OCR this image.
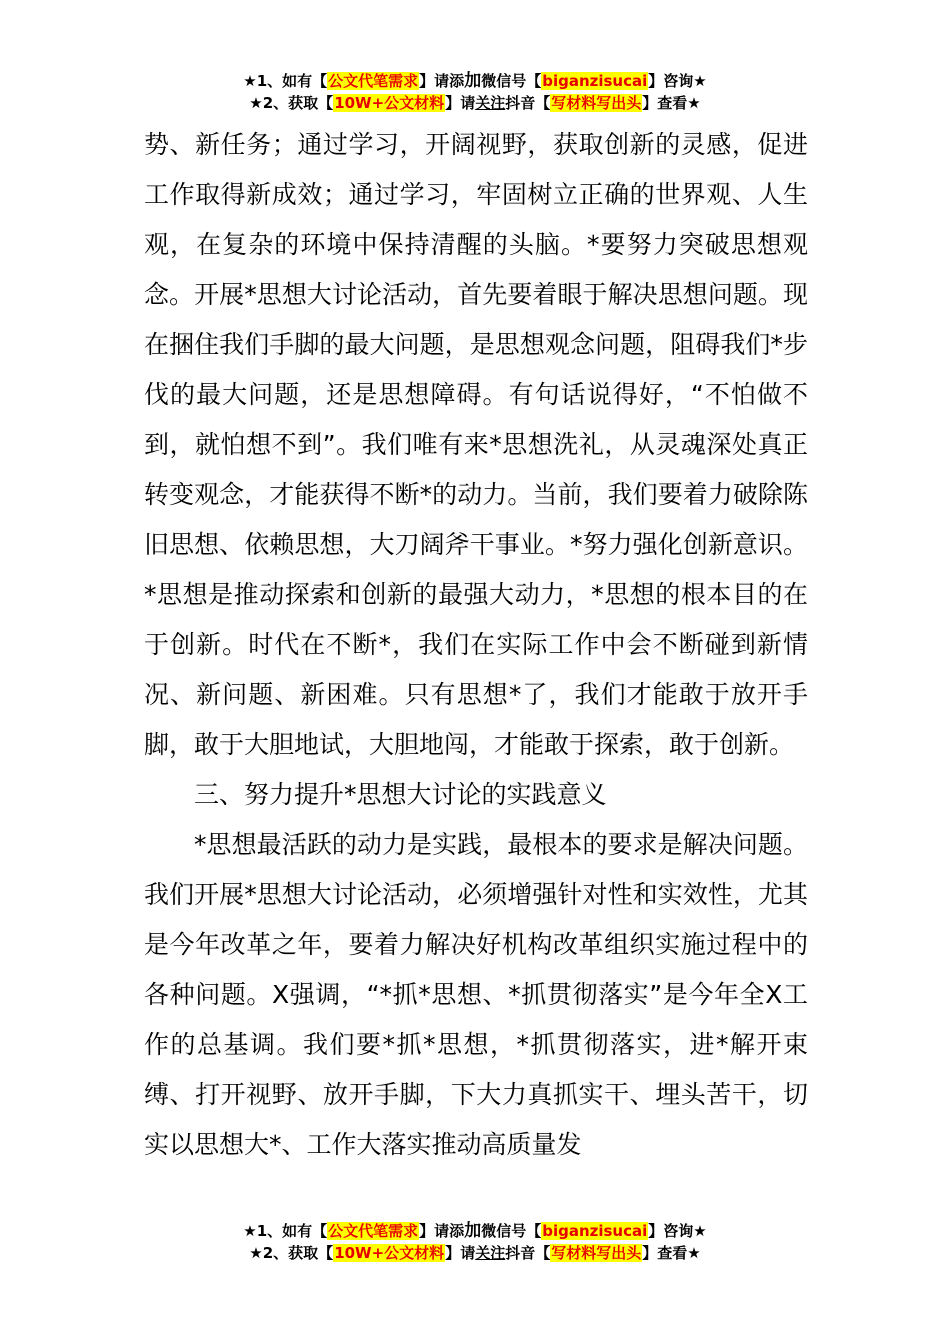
★1、如有【公文代笔需求】请添加微信号【biganzisucai】咨询★
★2、获取【10W+公文材料】请关注抖音【写材料写出头】查看★

势、新任务；通过学习，开阔视野，获取创新的灵感，促进工作取得新成效；通过学习，牢固树立正确的世界观、人生观，在复杂的环境中保持清醒的头脑。*要努力突破思想观念。开展*思想大讨论活动，首先要着眼于解决思想问题。现在捆住我们手脚的最大问题，是思想观念问题，阻碍我们*步伐的最大问题，还是思想障碍。有句话说得好，“不怕做不到，就怕想不到”。我们唯有来*思想洗礼，从灵魂深处真正转变观念，才能获得不断*的动力。当前，我们要着力破除陈旧思想、依赖思想，大刀阔斧干事业。*努力强化创新意识。*思想是推动探索和创新的最强大动力，*思想的根本目的在于创新。时代在不断*，我们在实际工作中会不断碰到新情况、新问题、新困难。只有思想*了，我们才能敢于放开手脚，敢于大胆地试，大胆地闯，才能敢于探索，敢于创新。

三、努力提升*思想大讨论的实践意义

*思想最活跃的动力是实践，最根本的要求是解决问题。我们开展*思想大讨论活动，必须增强针对性和实效性，尤其是今年改革之年，要着力解决好机构改革组织实施过程中的各种问题。X强调，“*抓*思想、*抓贯彻落实”是今年全X工作的总基调。我们要*抓*思想，*抓贯彻落实，进*解开束缚、打开视野、放开手脚，下大力真抓实干、埋头苦干，切实以思想大*、工作大落实推动高质量发

★1、如有【公文代笔需求】请添加微信号【biganzisucai】咨询★
★2、获取【10W+公文材料】请关注抖音【写材料写出头】查看★
